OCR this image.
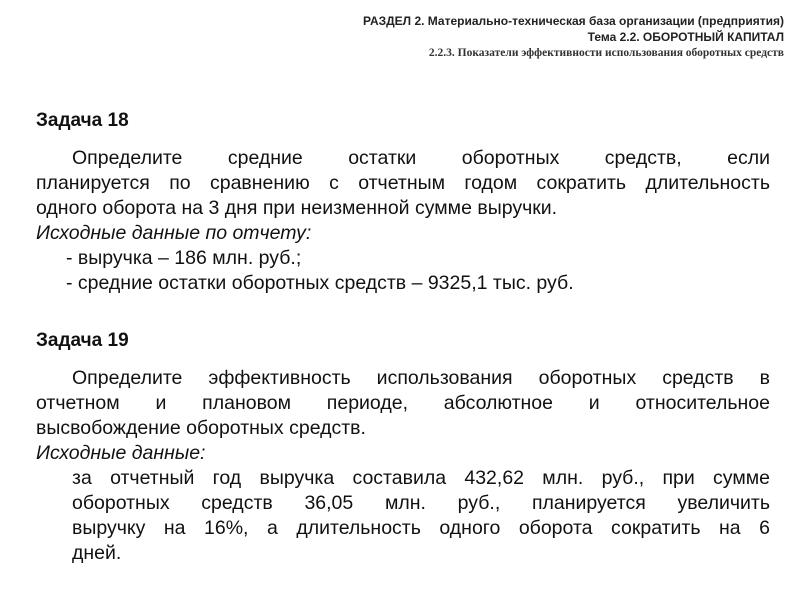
РАЗДЕЛ 2. Материально-техническая база организации (предприятия)
Тема 2.2. ОБОРОТНЫЙ КАПИТАЛ
2.2.3. Показатели эффективности использования оборотных средств

Задача 18

Определите средние остатки оборотных средств, если
планируется по сравнению с отчетным годом сократить длительность
одного оборота на 3 дня при неизменной сумме выручки.

Исходные данные по отчету:

- выручка – 186 млн. руб.;

- средние остатки оборотных средств – 9325,1 тыс. руб.

Задача 19

Определите эффективность использования оборотных средств в
отчетном и плановом периоде, абсолютное и относительное
высвобождение оборотных средств.

Исходные данные:

за отчетный год выручка составила 432,62 млн. руб., при сумме
оборотных средств 36,05 млн. руб., планируется увеличить
выручку на 16%, а длительность одного оборота сократить на 6
дней.
